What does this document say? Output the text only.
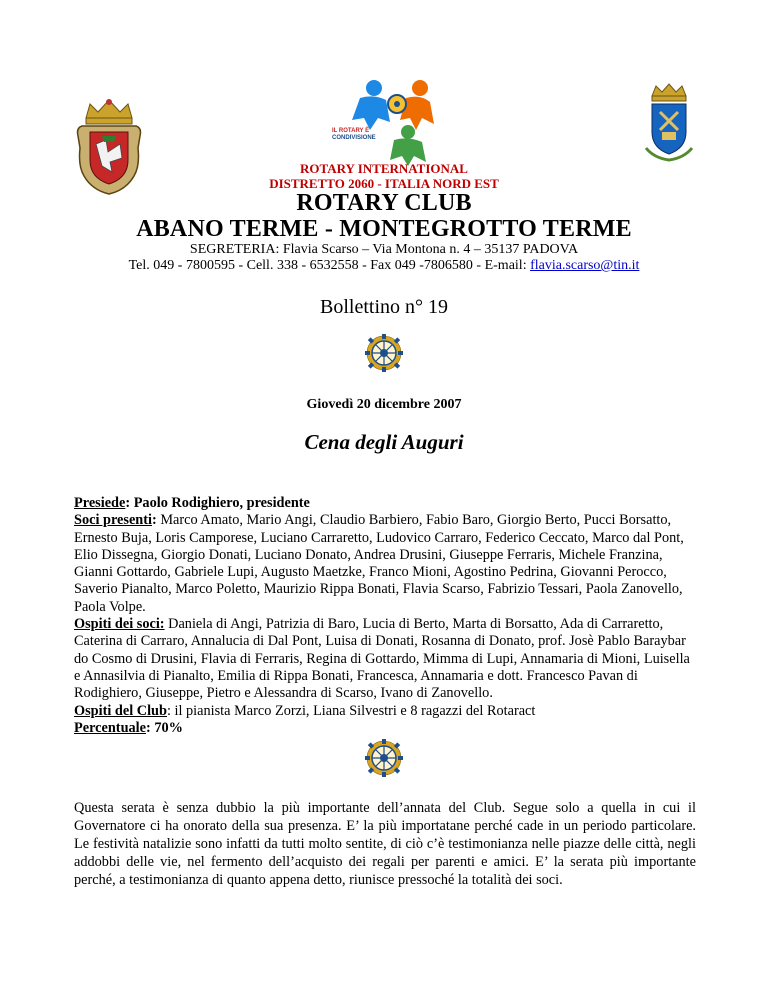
IL ROTARY È
CONDIVISIONE
ROTARY INTERNATIONAL
DISTRETTO 2060 - ITALIA NORD EST
ROTARY CLUB
ABANO TERME - MONTEGROTTO TERME
SEGRETERIA: Flavia Scarso – Via Montona n. 4 – 35137 PADOVA
Tel. 049 - 7800595 - Cell. 338 - 6532558 - Fax 049 -7806580 - E-mail: flavia.scarso@tin.it
Bollettino n° 19
Giovedì 20 dicembre 2007
Cena degli Auguri
Presiede: Paolo Rodighiero, presidente
Soci presenti: Marco Amato, Mario Angi, Claudio Barbiero, Fabio Baro, Giorgio Berto, Pucci Borsatto, Ernesto Buja, Loris Camporese, Luciano Carraretto, Ludovico Carraro, Federico Ceccato, Marco dal Pont, Elio Dissegna, Giorgio Donati, Luciano Donato, Andrea Drusini, Giuseppe Ferraris, Michele Franzina, Gianni Gottardo, Gabriele Lupi, Augusto Maetzke, Franco Mioni, Agostino Pedrina, Giovanni Perocco, Saverio Pianalto, Marco Poletto, Maurizio Rippa Bonati, Flavia Scarso, Fabrizio Tessari, Paola Zanovello, Paola Volpe.
Ospiti dei soci: Daniela di Angi, Patrizia di Baro, Lucia di Berto, Marta di Borsatto, Ada di Carraretto, Caterina di Carraro, Annalucia di Dal Pont, Luisa di Donati, Rosanna di Donato, prof. Josè Pablo Baraybar do Cosmo di Drusini, Flavia di Ferraris, Regina di Gottardo, Mimma di Lupi, Annamaria di Mioni, Luisella e Annasilvia di Pianalto, Emilia di Rippa Bonati, Francesca, Annamaria e dott. Francesco Pavan di Rodighiero, Giuseppe, Pietro e Alessandra di Scarso, Ivano di Zanovello.
Ospiti del Club: il pianista Marco Zorzi, Liana Silvestri e 8 ragazzi del Rotaract
Percentuale: 70%
Questa serata è senza dubbio la più importante dell’annata del Club. Segue solo a quella in cui il Governatore ci ha onorato della sua presenza. E’ la più importatane perché cade in un periodo particolare. Le festività natalizie sono infatti da tutti molto sentite, di ciò c’è testimonianza nelle piazze delle città, negli addobbi delle vie, nel fermento dell’acquisto dei regali per parenti e amici. E’ la serata più importante perché, a testimonianza di quanto appena detto, riunisce pressoché la totalità dei soci.
